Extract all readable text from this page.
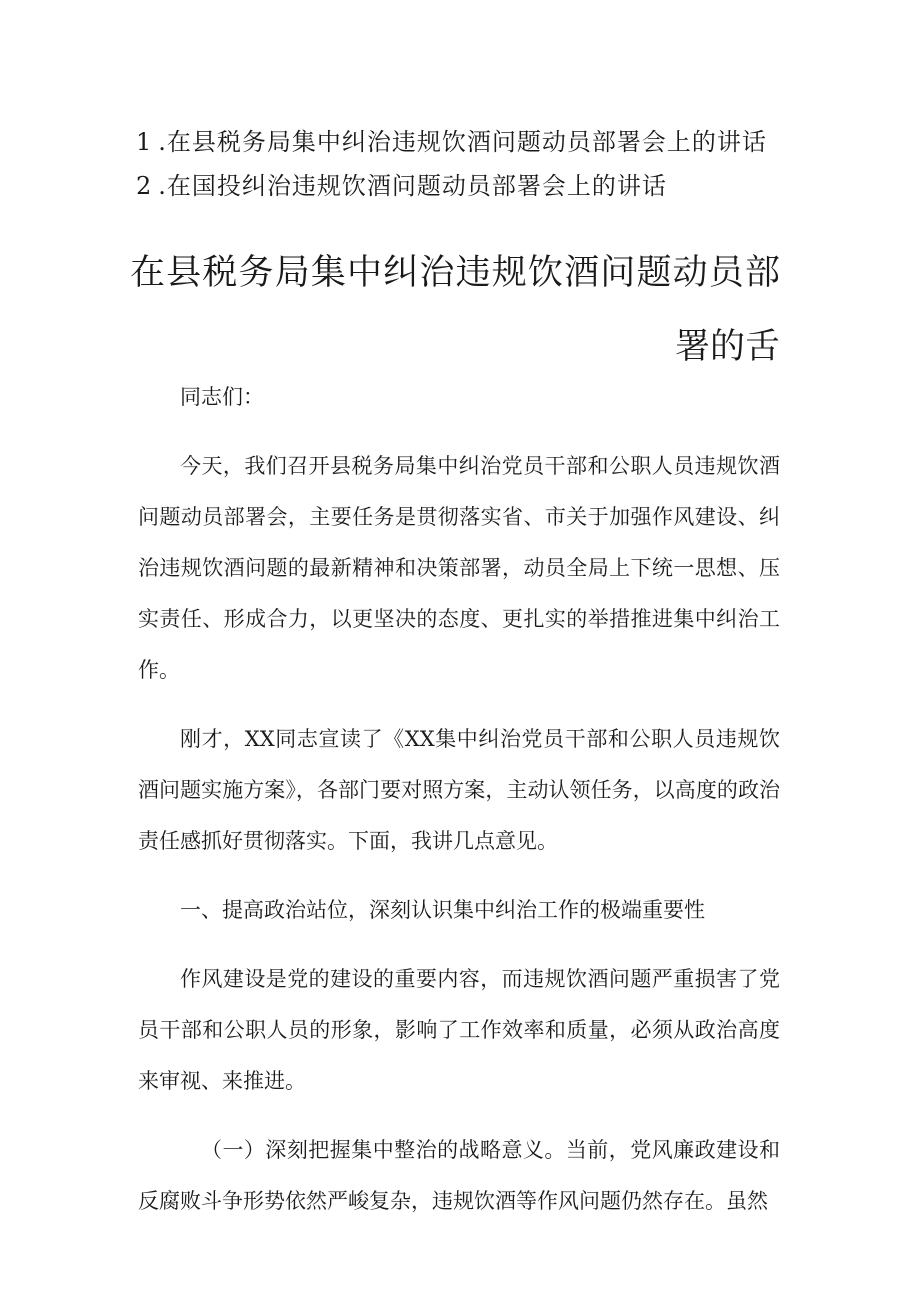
1 .在县税务局集中纠治违规饮酒问题动员部署会上的讲话
2 .在国投纠治违规饮酒问题动员部署会上的讲话
在县税务局集中纠治违规饮酒问题动员部署的舌

同志们：

今天，我们召开县税务局集中纠治党员干部和公职人员违规饮酒问题动员部署会，主要任务是贯彻落实省、市关于加强作风建设、纠治违规饮酒问题的最新精神和决策部署，动员全局上下统一思想、压实责任、形成合力，以更坚决的态度、更扎实的举措推进集中纠治工作。

刚才，XX同志宣读了《XX集中纠治党员干部和公职人员违规饮酒问题实施方案》，各部门要对照方案，主动认领任务，以高度的政治责任感抓好贯彻落实。下面，我讲几点意见。

一、提高政治站位，深刻认识集中纠治工作的极端重要性

作风建设是党的建设的重要内容，而违规饮酒问题严重损害了党员干部和公职人员的形象，影响了工作效率和质量，必须从政治高度来审视、来推进。

（一）深刻把握集中整治的战略意义。当前，党风廉政建设和反腐败斗争形势依然严峻复杂，违规饮酒等作风问题仍然存在。虽然
